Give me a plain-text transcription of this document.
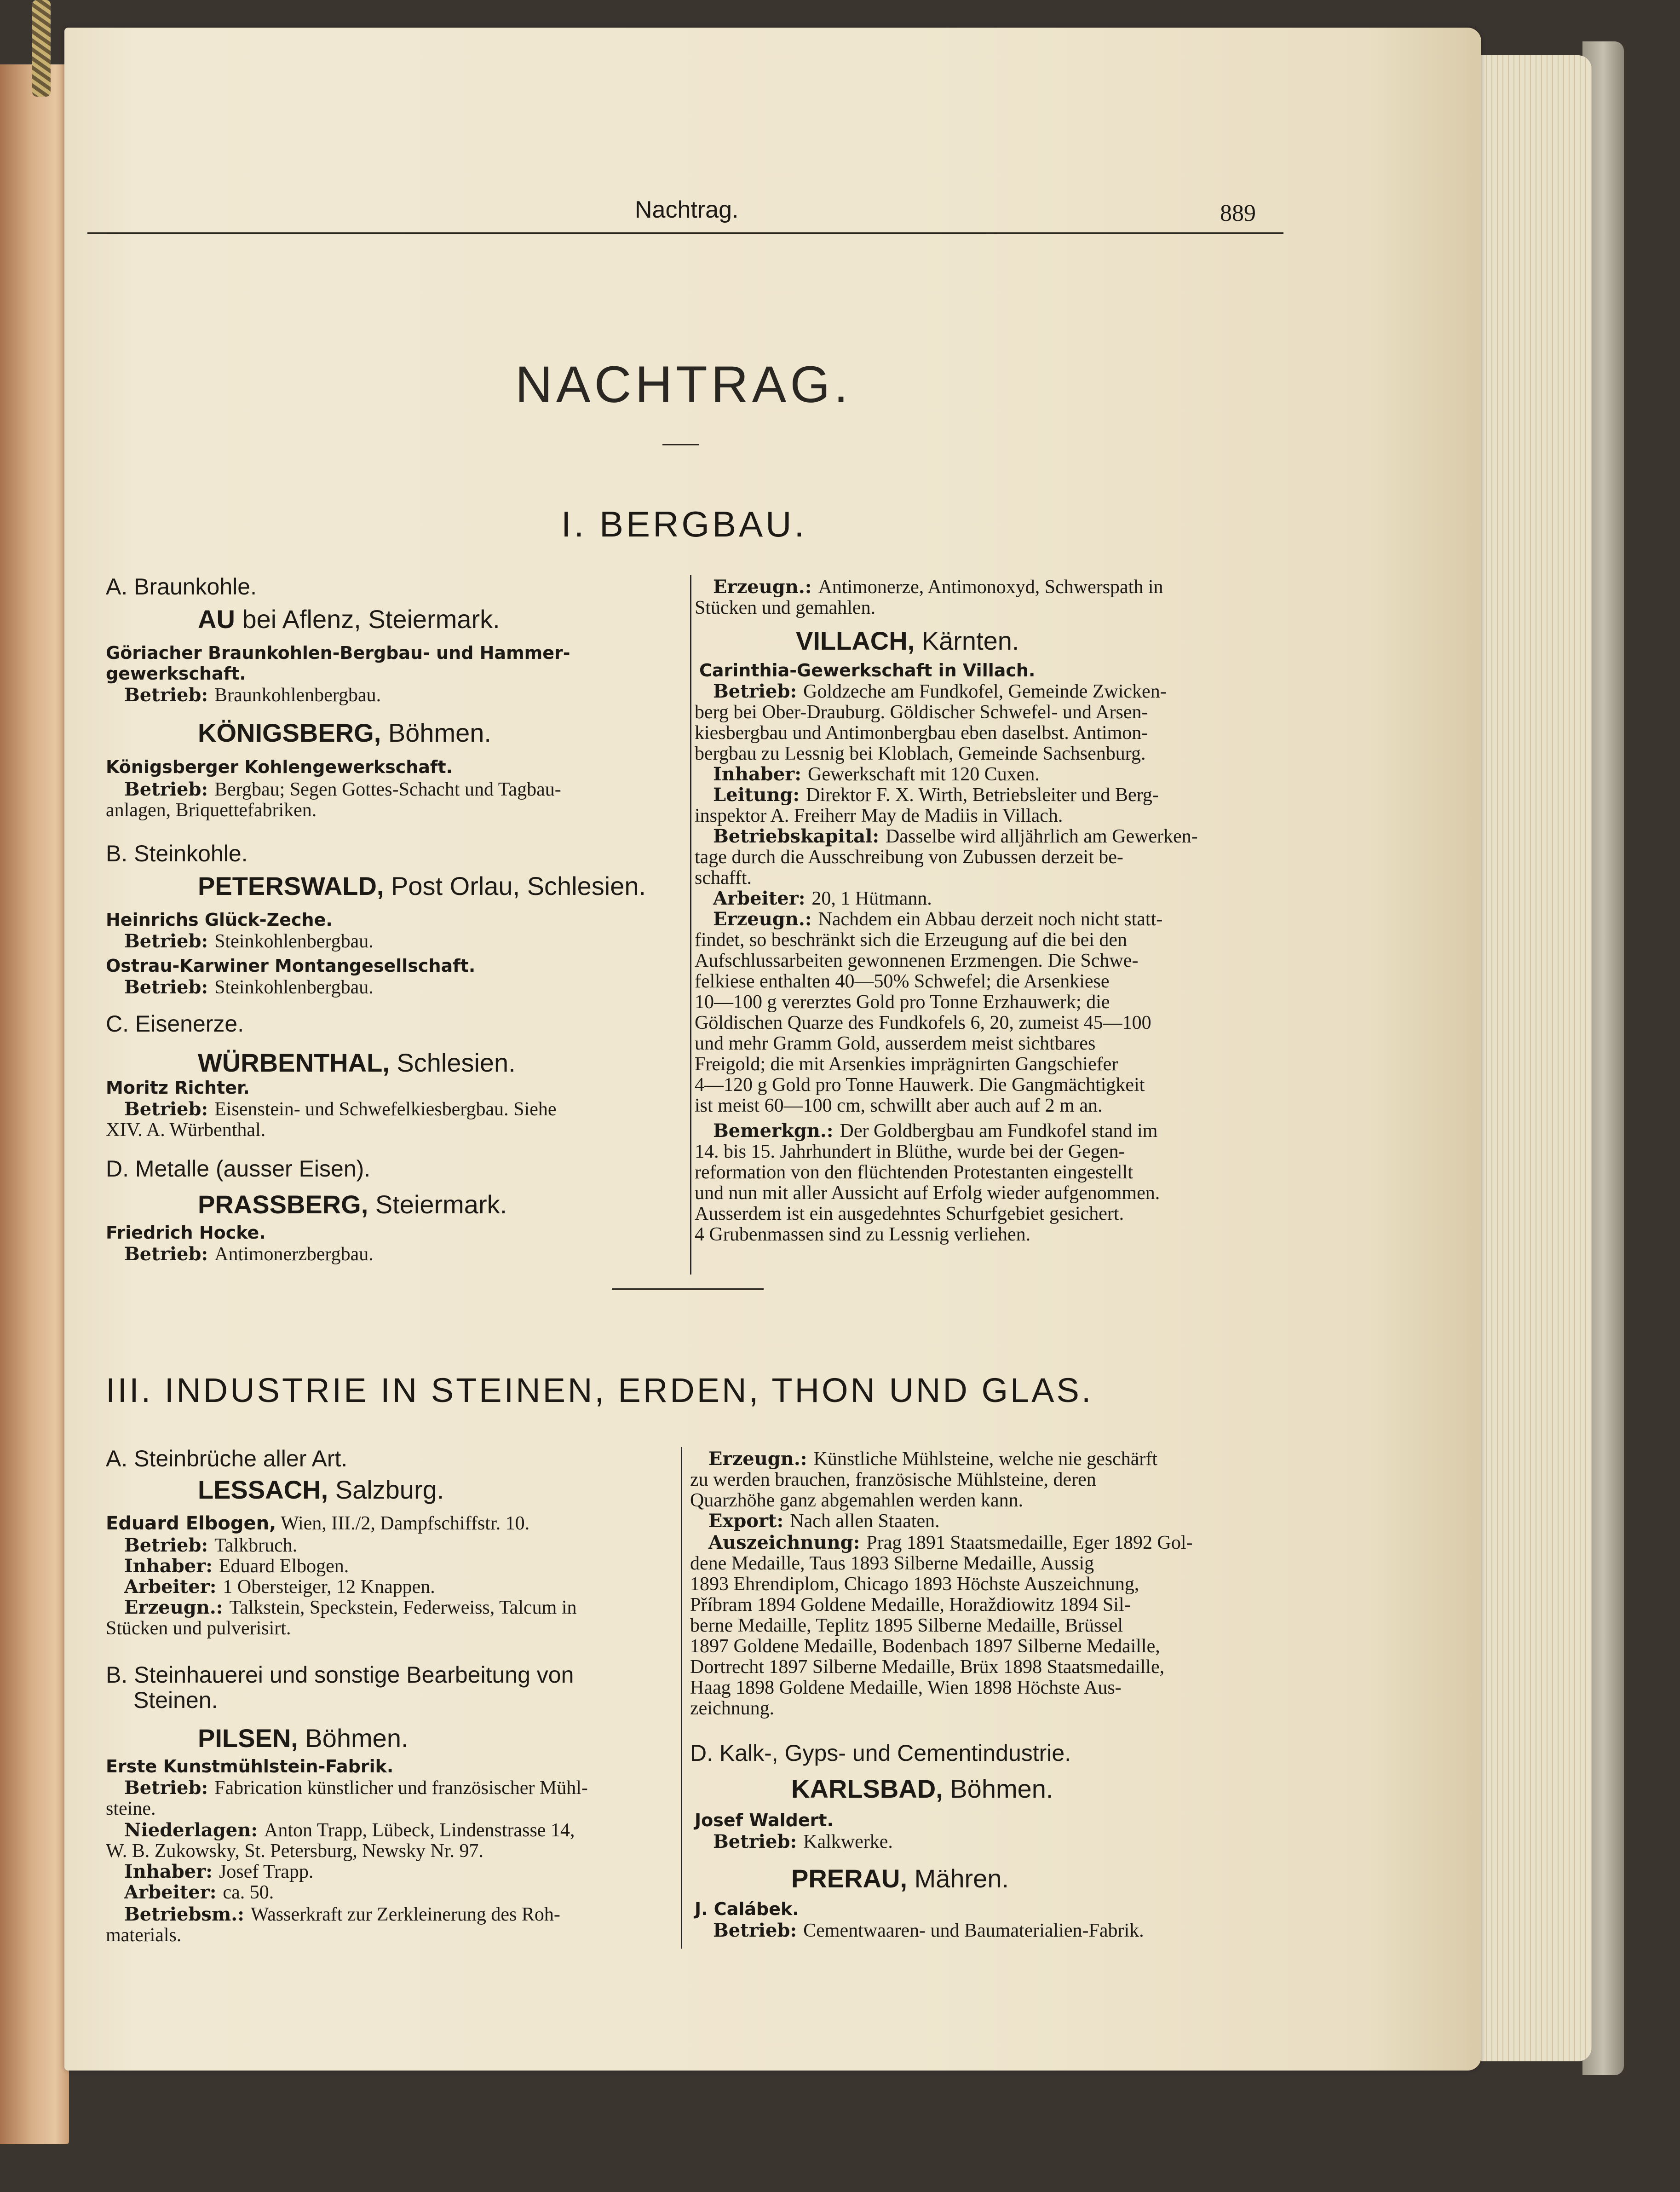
Nachtrag.	889
NACHTRAG.
I. BERGBAU.
A. Braunkohle.
AU bei Aflenz, Steiermark.
Göriacher Braunkohlen-Bergbau- und Hammer-
gewerkschaft.
Betrieb: Braunkohlenbergbau.
KÖNIGSBERG, Böhmen.
Königsberger Kohlengewerkschaft.
Betrieb: Bergbau; Segen Gottes-Schacht und Tagbau-
anlagen, Briquettefabriken.
B. Steinkohle.
PETERSWALD, Post Orlau, Schlesien.
Heinrichs Glück-Zeche.
Betrieb: Steinkohlenbergbau.
Ostrau-Karwiner Montangesellschaft.
Betrieb: Steinkohlenbergbau.
C. Eisenerze.
WÜRBENTHAL, Schlesien.
Moritz Richter.
Betrieb: Eisenstein- und Schwefelkiesbergbau. Siehe
XIV. A. Würbenthal.
D. Metalle (ausser Eisen).
PRASSBERG, Steiermark.
Friedrich Hocke.
Betrieb: Antimonerzbergbau.
Erzeugn.: Antimonerze, Antimonoxyd, Schwerspath in
Stücken und gemahlen.
VILLACH, Kärnten.
Carinthia-Gewerkschaft in Villach.
Betrieb: Goldzeche am Fundkofel, Gemeinde Zwicken-
berg bei Ober-Drauburg. Göldischer Schwefel- und Arsen-
kiesbergbau und Antimonbergbau eben daselbst. Antimon-
bergbau zu Lessnig bei Kloblach, Gemeinde Sachsenburg.
Inhaber: Gewerkschaft mit 120 Cuxen.
Leitung: Direktor F. X. Wirth, Betriebsleiter und Berg-
inspektor A. Freiherr May de Madiis in Villach.
Betriebskapital: Dasselbe wird alljährlich am Gewerken-
tage durch die Ausschreibung von Zubussen derzeit be-
schafft.
Arbeiter: 20, 1 Hütmann.
Erzeugn.: Nachdem ein Abbau derzeit noch nicht statt-
findet, so beschränkt sich die Erzeugung auf die bei den
Aufschlussarbeiten gewonnenen Erzmengen. Die Schwe-
felkiese enthalten 40—50% Schwefel; die Arsenkiese
10—100 g vererztes Gold pro Tonne Erzhauwerk; die
Göldischen Quarze des Fundkofels 6, 20, zumeist 45—100
und mehr Gramm Gold, ausserdem meist sichtbares
Freigold; die mit Arsenkies imprägnirten Gangschiefer
4—120 g Gold pro Tonne Hauwerk. Die Gangmächtigkeit
ist meist 60—100 cm, schwillt aber auch auf 2 m an.
Bemerkgn.: Der Goldbergbau am Fundkofel stand im
14. bis 15. Jahrhundert in Blüthe, wurde bei der Gegen-
reformation von den flüchtenden Protestanten eingestellt
und nun mit aller Aussicht auf Erfolg wieder aufgenommen.
Ausserdem ist ein ausgedehntes Schurfgebiet gesichert.
4 Grubenmassen sind zu Lessnig verliehen.
III. INDUSTRIE IN STEINEN, ERDEN, THON UND GLAS.
A. Steinbrüche aller Art.
LESSACH, Salzburg.
Eduard Elbogen, Wien, III./2, Dampfschiffstr. 10.
Betrieb: Talkbruch.
Inhaber: Eduard Elbogen.
Arbeiter: 1 Obersteiger, 12 Knappen.
Erzeugn.: Talkstein, Speckstein, Federweiss, Talcum in
Stücken und pulverisirt.
B. Steinhauerei und sonstige Bearbeitung von
Steinen.
PILSEN, Böhmen.
Erste Kunstmühlstein-Fabrik.
Betrieb: Fabrication künstlicher und französischer Mühl-
steine.
Niederlagen: Anton Trapp, Lübeck, Lindenstrasse 14,
W. B. Zukowsky, St. Petersburg, Newsky Nr. 97.
Inhaber: Josef Trapp.
Arbeiter: ca. 50.
Betriebsm.: Wasserkraft zur Zerkleinerung des Roh-
materials.
Erzeugn.: Künstliche Mühlsteine, welche nie geschärft
zu werden brauchen, französische Mühlsteine, deren
Quarzhöhe ganz abgemahlen werden kann.
Export: Nach allen Staaten.
Auszeichnung: Prag 1891 Staatsmedaille, Eger 1892 Gol-
dene Medaille, Taus 1893 Silberne Medaille, Aussig
1893 Ehrendiplom, Chicago 1893 Höchste Auszeichnung,
Příbram 1894 Goldene Medaille, Horaždiowitz 1894 Sil-
berne Medaille, Teplitz 1895 Silberne Medaille, Brüssel
1897 Goldene Medaille, Bodenbach 1897 Silberne Medaille,
Dortrecht 1897 Silberne Medaille, Brüx 1898 Staatsmedaille,
Haag 1898 Goldene Medaille, Wien 1898 Höchste Aus-
zeichnung.
D. Kalk-, Gyps- und Cementindustrie.
KARLSBAD, Böhmen.
Josef Waldert.
Betrieb: Kalkwerke.
PRERAU, Mähren.
J. Calábek.
Betrieb: Cementwaaren- und Baumaterialien-Fabrik.
